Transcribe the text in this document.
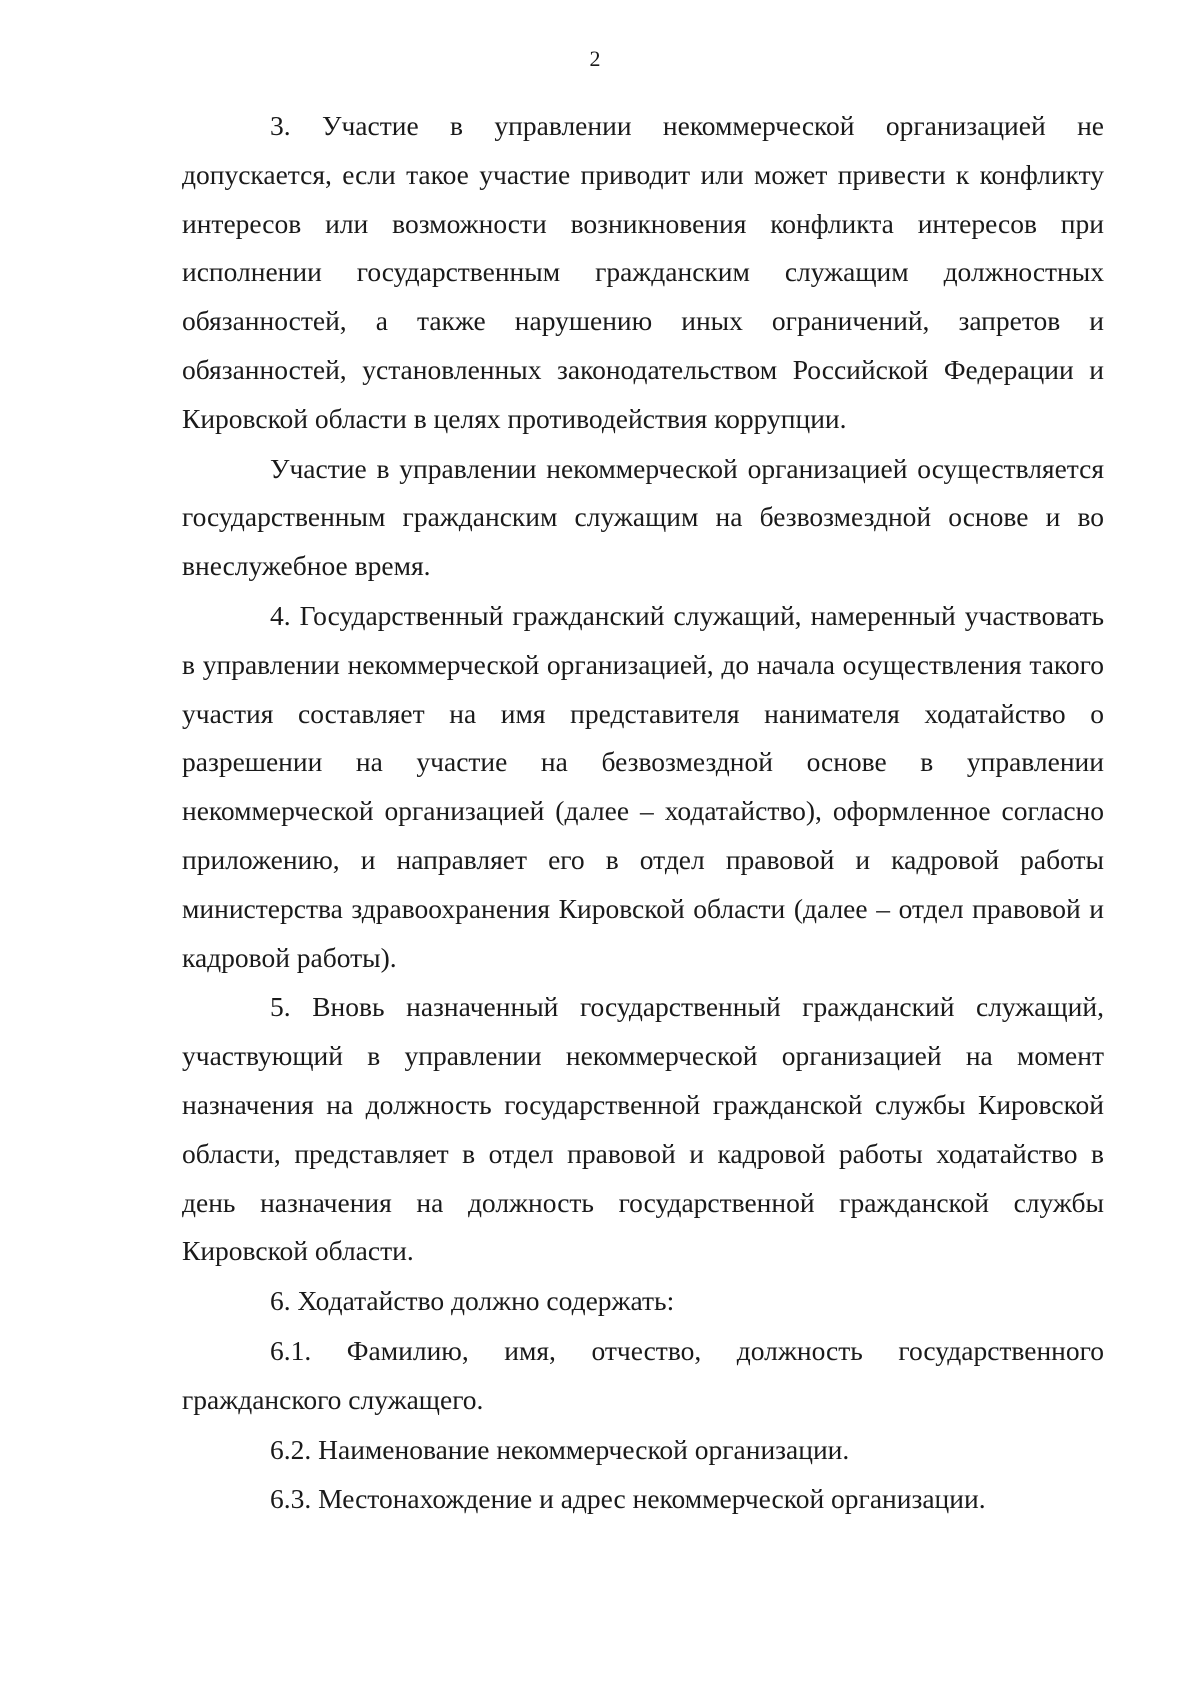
2

3. Участие в управлении некоммерческой организацией не допускается, если такое участие приводит или может привести к конфликту интересов или возможности возникновения конфликта интересов при исполнении государственным гражданским служащим должностных обязанностей, а также нарушению иных ограничений, запретов и обязанностей, установленных законодательством Российской Федерации и Кировской области в целях противодействия коррупции.

Участие в управлении некоммерческой организацией осуществляется государственным гражданским служащим на безвозмездной основе и во внеслужебное время.

4. Государственный гражданский служащий, намеренный участвовать в управлении некоммерческой организацией, до начала осуществления такого участия составляет на имя представителя нанимателя ходатайство о разрешении на участие на безвозмездной основе в управлении некоммерческой организацией (далее – ходатайство), оформленное согласно приложению, и направляет его в отдел правовой и кадровой работы министерства здравоохранения Кировской области (далее – отдел правовой и кадровой работы).

5. Вновь назначенный государственный гражданский служащий, участвующий в управлении некоммерческой организацией на момент назначения на должность государственной гражданской службы Кировской области, представляет в отдел правовой и кадровой работы ходатайство в день назначения на должность государственной гражданской службы Кировской области.

6. Ходатайство должно содержать:

6.1. Фамилию, имя, отчество, должность государственного гражданского служащего.

6.2. Наименование некоммерческой организации.

6.3. Местонахождение и адрес некоммерческой организации.
